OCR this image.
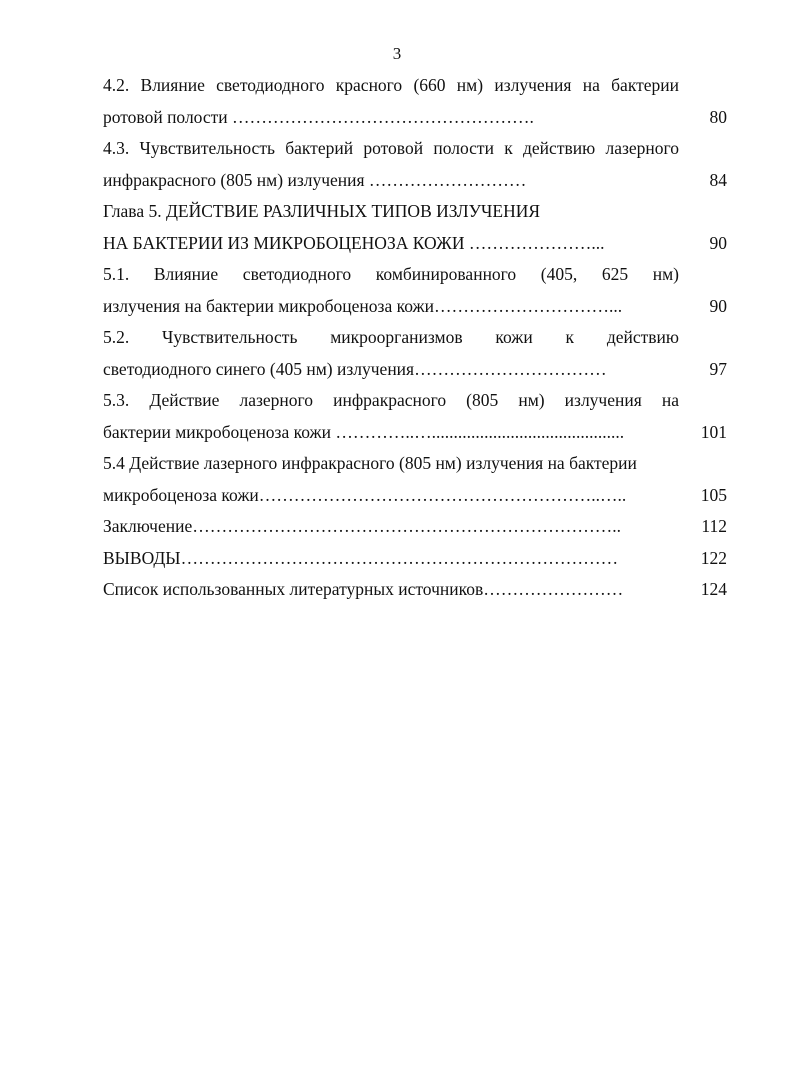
3
4.2. Влияние светодиодного красного (660 нм) излучения на бактерии
ротовой полости …………………………………………….	80
4.3. Чувствительность бактерий ротовой полости к действию лазерного
инфракрасного (805 нм) излучения ………………………	84
Глава 5. ДЕЙСТВИЕ РАЗЛИЧНЫХ ТИПОВ ИЗЛУЧЕНИЯ
НА БАКТЕРИИ ИЗ МИКРОБОЦЕНОЗА КОЖИ …………………...	90
5.1. Влияние светодиодного комбинированного (405, 625 нм)
излучения на бактерии микробоценоза кожи…………………………...	90
5.2. Чувствительность микроорганизмов кожи к действию
светодиодного синего (405 нм) излучения……………………………	97
5.3. Действие лазерного инфракрасного (805 нм) излучения на
бактерии микробоценоза кожи …………..…............................................	101
5.4 Действие лазерного инфракрасного (805 нм) излучения на бактерии
микробоценоза кожи…………………………………………………..…..	105
Заключение………………………………………………………………..	112
ВЫВОДЫ…………………………………………………………………	122
Список использованных литературных источников……………………	124
